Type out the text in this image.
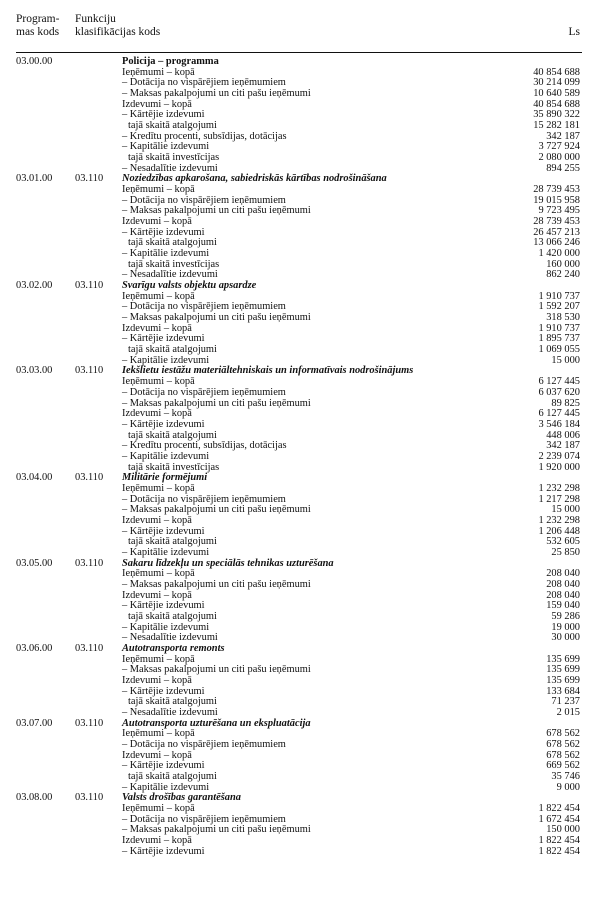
Program- mas kods
Funkciju klasifikācijas kods	Ls
03.00.00	Policija – programma
Ieņēmumi – kopā	40 854 688
– Dotācija no vispārējiem ieņēmumiem	30 214 099
– Maksas pakalpojumi un citi pašu ieņēmumi	10 640 589
Izdevumi – kopā	40 854 688
– Kārtējie izdevumi	35 890 322
tajā skaitā atalgojumi	15 282 181
– Kredītu procenti, subsīdijas, dotācijas	342 187
– Kapitālie izdevumi	3 727 924
tajā skaitā investīcijas	2 080 000
– Nesadalītie izdevumi	894 255
03.01.00 03.110 Noziedzības apkarošana, sabiedriskās kārtības nodrošināšana
Ieņēmumi – kopā	28 739 453
– Dotācija no vispārējiem ieņēmumiem	19 015 958
– Maksas pakalpojumi un citi pašu ieņēmumi	9 723 495
Izdevumi – kopā	28 739 453
– Kārtējie izdevumi	26 457 213
tajā skaitā atalgojumi	13 066 246
– Kapitālie izdevumi	1 420 000
tajā skaitā investīcijas	160 000
– Nesadalītie izdevumi	862 240
03.02.00 03.110 Svarīgu valsts objektu apsardze
Ieņēmumi – kopā	1 910 737
– Dotācija no vispārējiem ieņēmumiem	1 592 207
– Maksas pakalpojumi un citi pašu ieņēmumi	318 530
Izdevumi – kopā	1 910 737
– Kārtējie izdevumi	1 895 737
tajā skaitā atalgojumi	1 069 055
– Kapitālie izdevumi	15 000
03.03.00 03.110 Iekšlietu iestāžu materiāltehniskais un informatīvais nodrošinājums
Ieņēmumi – kopā	6 127 445
– Dotācija no vispārējiem ieņēmumiem	6 037 620
– Maksas pakalpojumi un citi pašu ieņēmumi	89 825
Izdevumi – kopā	6 127 445
– Kārtējie izdevumi	3 546 184
tajā skaitā atalgojumi	448 006
– Kredītu procenti, subsīdijas, dotācijas	342 187
– Kapitālie izdevumi	2 239 074
tajā skaitā investīcijas	1 920 000
03.04.00 03.110 Militārie formējumi
Ieņēmumi – kopā	1 232 298
– Dotācija no vispārējiem ieņēmumiem	1 217 298
– Maksas pakalpojumi un citi pašu ieņēmumi	15 000
Izdevumi – kopā	1 232 298
– Kārtējie izdevumi	1 206 448
tajā skaitā atalgojumi	532 605
– Kapitālie izdevumi	25 850
03.05.00 03.110 Sakaru līdzekļu un speciālās tehnikas uzturēšana
Ieņēmumi – kopā	208 040
– Maksas pakalpojumi un citi pašu ieņēmumi	208 040
Izdevumi – kopā	208 040
– Kārtējie izdevumi	159 040
tajā skaitā atalgojumi	59 286
– Kapitālie izdevumi	19 000
– Nesadalītie izdevumi	30 000
03.06.00 03.110 Autotransporta remonts
Ieņēmumi – kopā	135 699
– Maksas pakalpojumi un citi pašu ieņēmumi	135 699
Izdevumi – kopā	135 699
– Kārtējie izdevumi	133 684
tajā skaitā atalgojumi	71 237
– Nesadalītie izdevumi	2 015
03.07.00 03.110 Autotransporta uzturēšana un ekspluatācija
Ieņēmumi – kopā	678 562
– Dotācija no vispārējiem ieņēmumiem	678 562
Izdevumi – kopā	678 562
– Kārtējie izdevumi	669 562
tajā skaitā atalgojumi	35 746
– Kapitālie izdevumi	9 000
03.08.00 03.110 Valsts drošības garantēšana
Ieņēmumi – kopā	1 822 454
– Dotācija no vispārējiem ieņēmumiem	1 672 454
– Maksas pakalpojumi un citi pašu ieņēmumi	150 000
Izdevumi – kopā	1 822 454
– Kārtējie izdevumi	1 822 454
